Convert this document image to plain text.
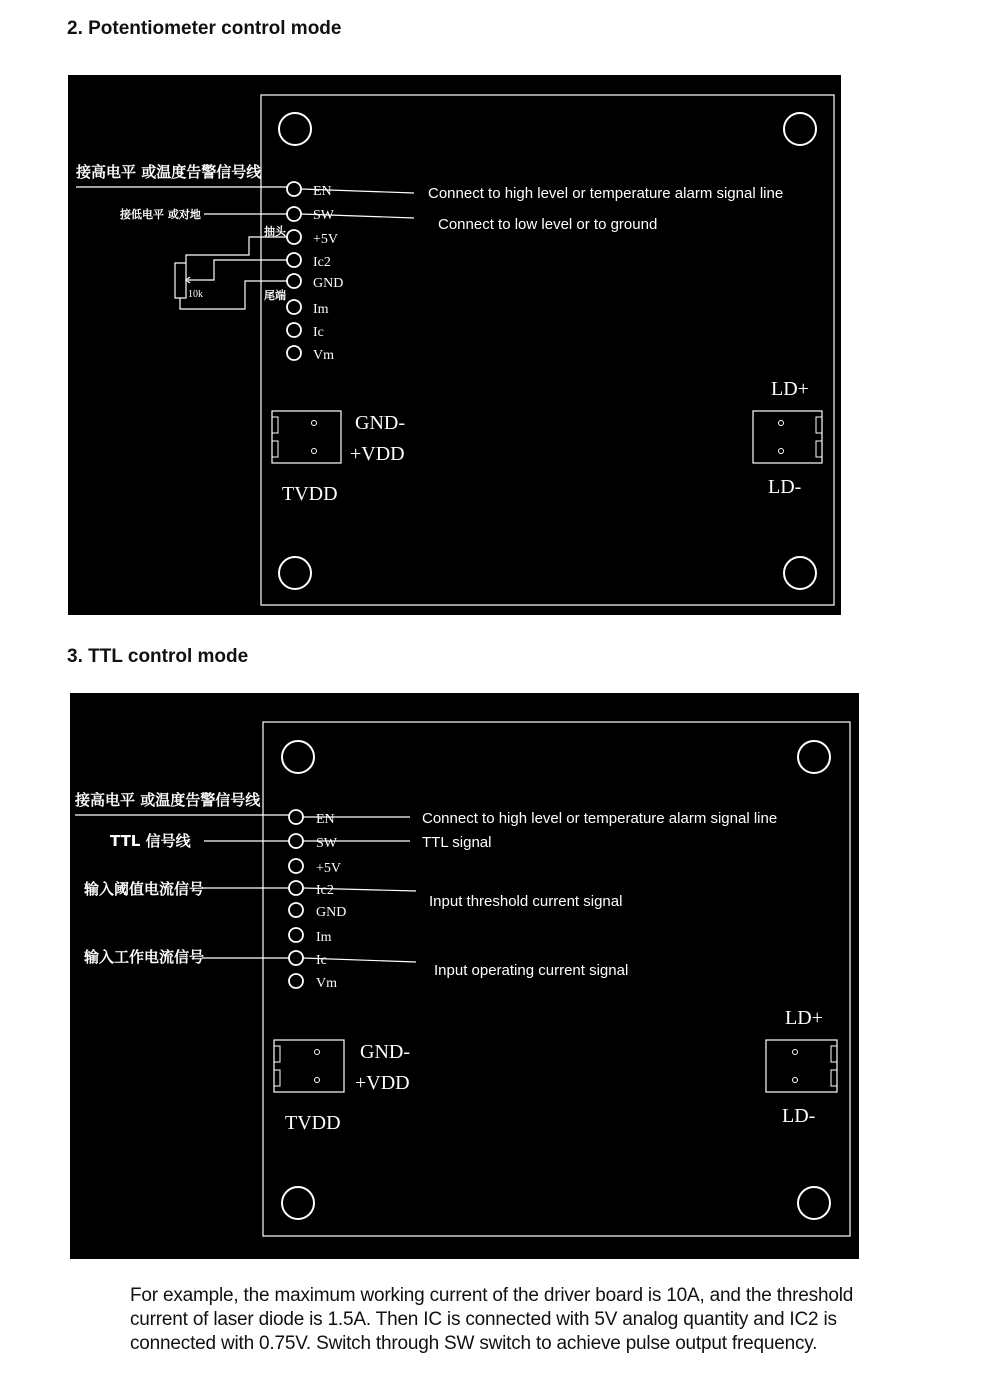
2. Potentiometer control mode
EN
SW
+5V
Ic2
GND
Im
Ic
Vm
接高电平 或温度告警信号线
接低电平 或对地
Connect to high level or temperature alarm signal line
Connect to low level or to ground
抽头
尾端
10k
GND-
+VDD
TVDD
LD+
LD-
3. TTL control mode
EN
SW
+5V
Ic2
GND
Im
Ic
Vm
接高电平 或温度告警信号线
TTL 信号线
输入阈值电流信号
输入工作电流信号
Connect to high level or temperature alarm signal line
TTL signal
Input threshold current signal
Input operating current signal
GND-
+VDD
TVDD
LD+
LD-
For example, the maximum working current of the driver board is 10A, and the threshold current of laser diode is 1.5A. Then IC is connected with 5V analog quantity and IC2 is connected with 0.75V. Switch through SW switch to achieve pulse output frequency.
